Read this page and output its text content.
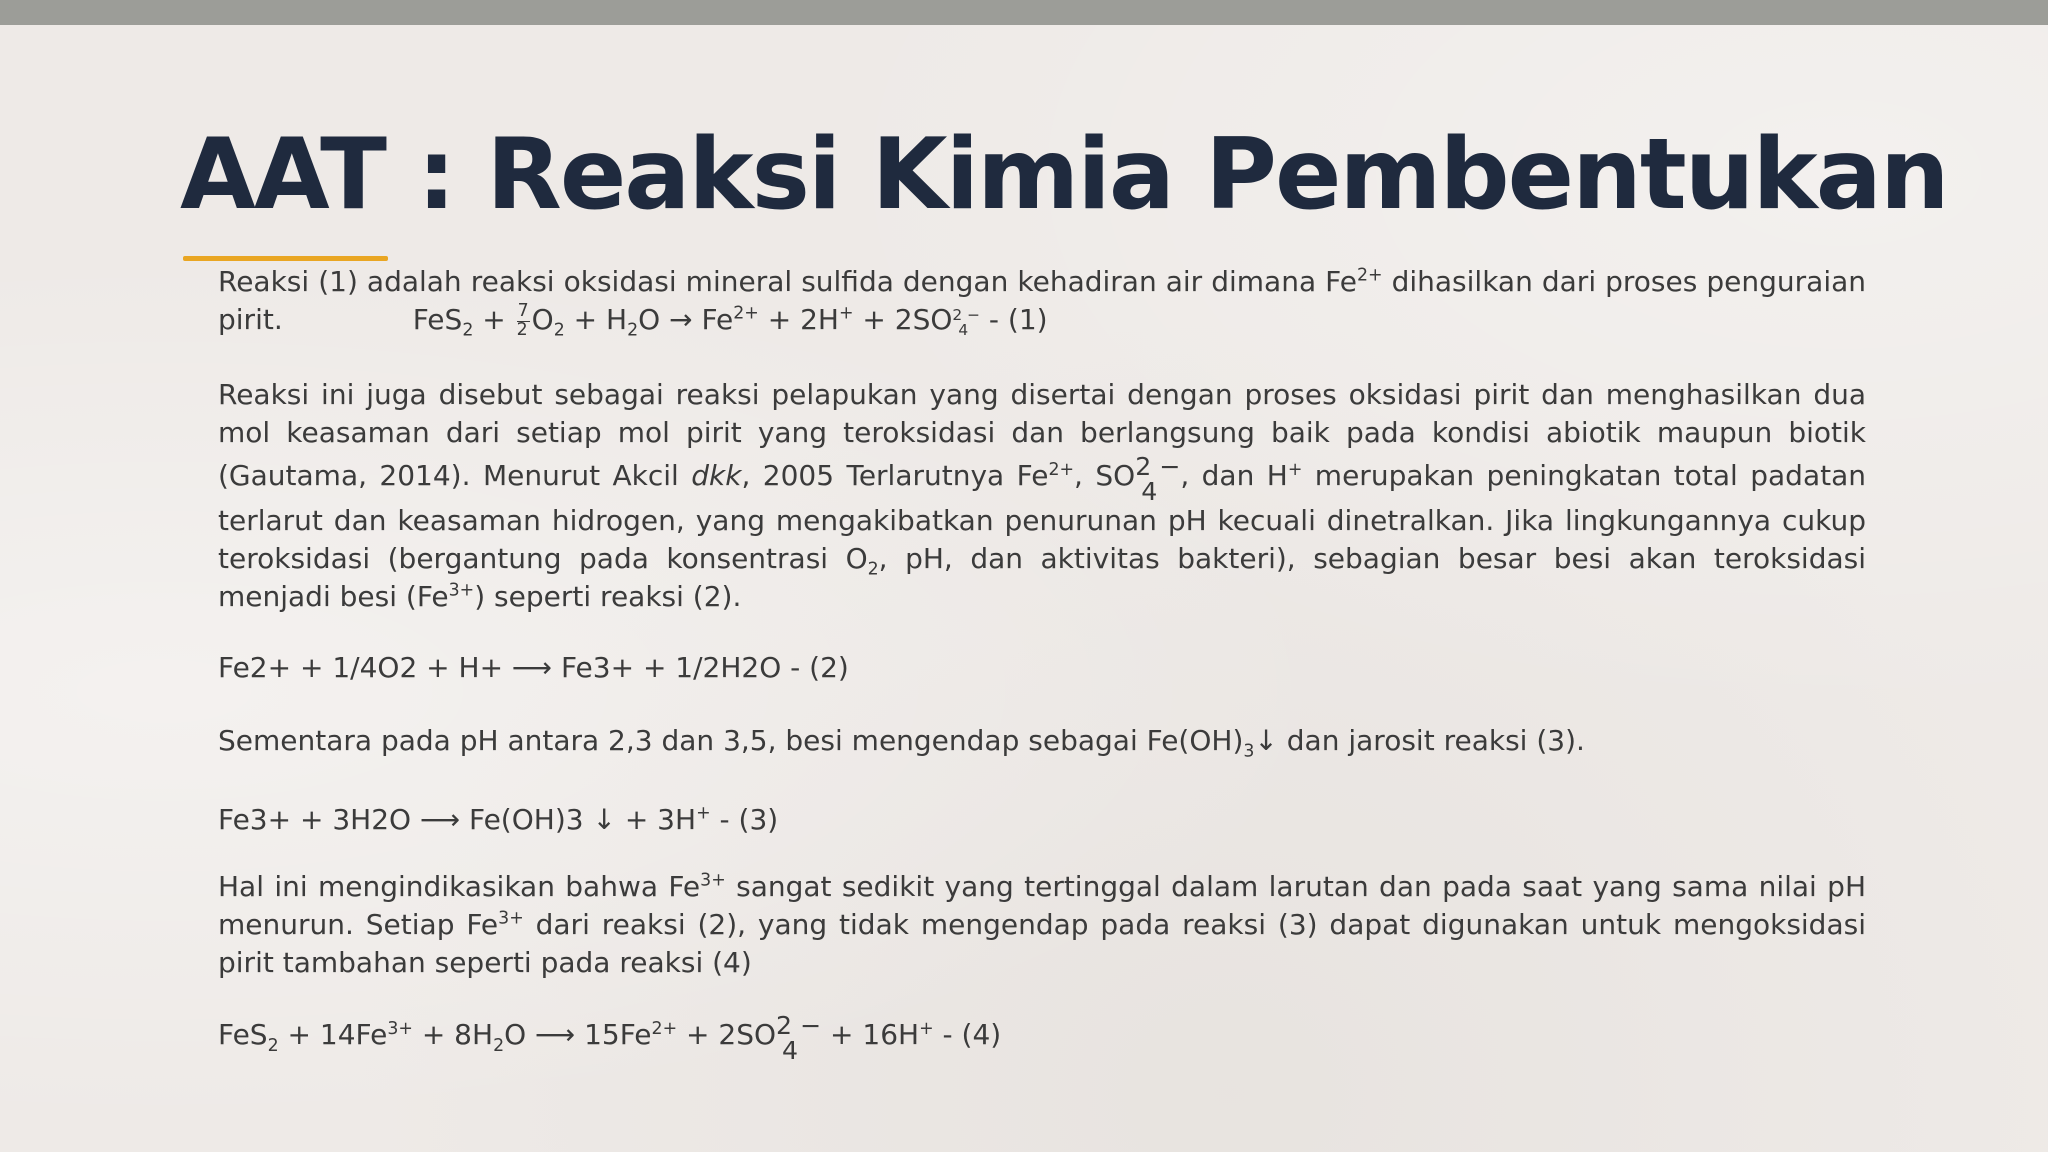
AAT : Reaksi Kimia Pembentukan
Reaksi (1) adalah reaksi oksidasi mineral sulfida dengan kehadiran air dimana $Fe^{2+}$ dihasilkan dari proses penguraian pirit.	$FeS_2 + \frac{7}{2} O_2 + H_2O \to Fe^{2+} + 2H^+ + 2SO$ 2 −
4 - (1)
Reaksi ini juga disebut sebagai reaksi pelapukan yang disertai dengan proses oksidasi pirit dan menghasilkan dua mol keasaman dari setiap mol pirit yang teroksidasi dan berlangsung baik pada kondisi abiotik maupun biotik (Gautama, 2014). Menurut Akcil dkk, 2005 Terlarutnya $Fe^{2+}$, SO 2 −
4 , dan H+ merupakan peningkatan total padatan terlarut dan keasaman hidrogen, yang mengakibatkan penurunan pH kecuali dinetralkan. Jika lingkungannya cukup teroksidasi (bergantung pada konsentrasi $O_2$, pH, dan aktivitas bakteri), sebagian besar besi akan teroksidasi menjadi besi $(Fe^{3+})$ seperti reaksi (2).
Fe2+ + 1/4O2 + H+ ⟶ Fe3+ + 1/2H2O - (2)
Sementara pada pH antara 2,3 dan 3,5, besi mengendap sebagai $Fe(OH)_3↓$ dan jarosit reaksi (3).
Fe3+ + 3H2O ⟶ Fe(OH)3 ↓ + 3H+ - (3)
Hal ini mengindikasikan bahwa $Fe^{3+}$ sangat sedikit yang tertinggal dalam larutan dan pada saat yang sama nilai pH menurun. Setiap $Fe^{3+}$ dari reaksi (2), yang tidak mengendap pada reaksi (3) dapat digunakan untuk mengoksidasi pirit tambahan seperti pada reaksi (4)
$FeS_2 + 14Fe^{3+} + 8H_2O$ ⟶ $15Fe^{2+} + 2SO$ 2 −
4 + 16H+ - (4)
